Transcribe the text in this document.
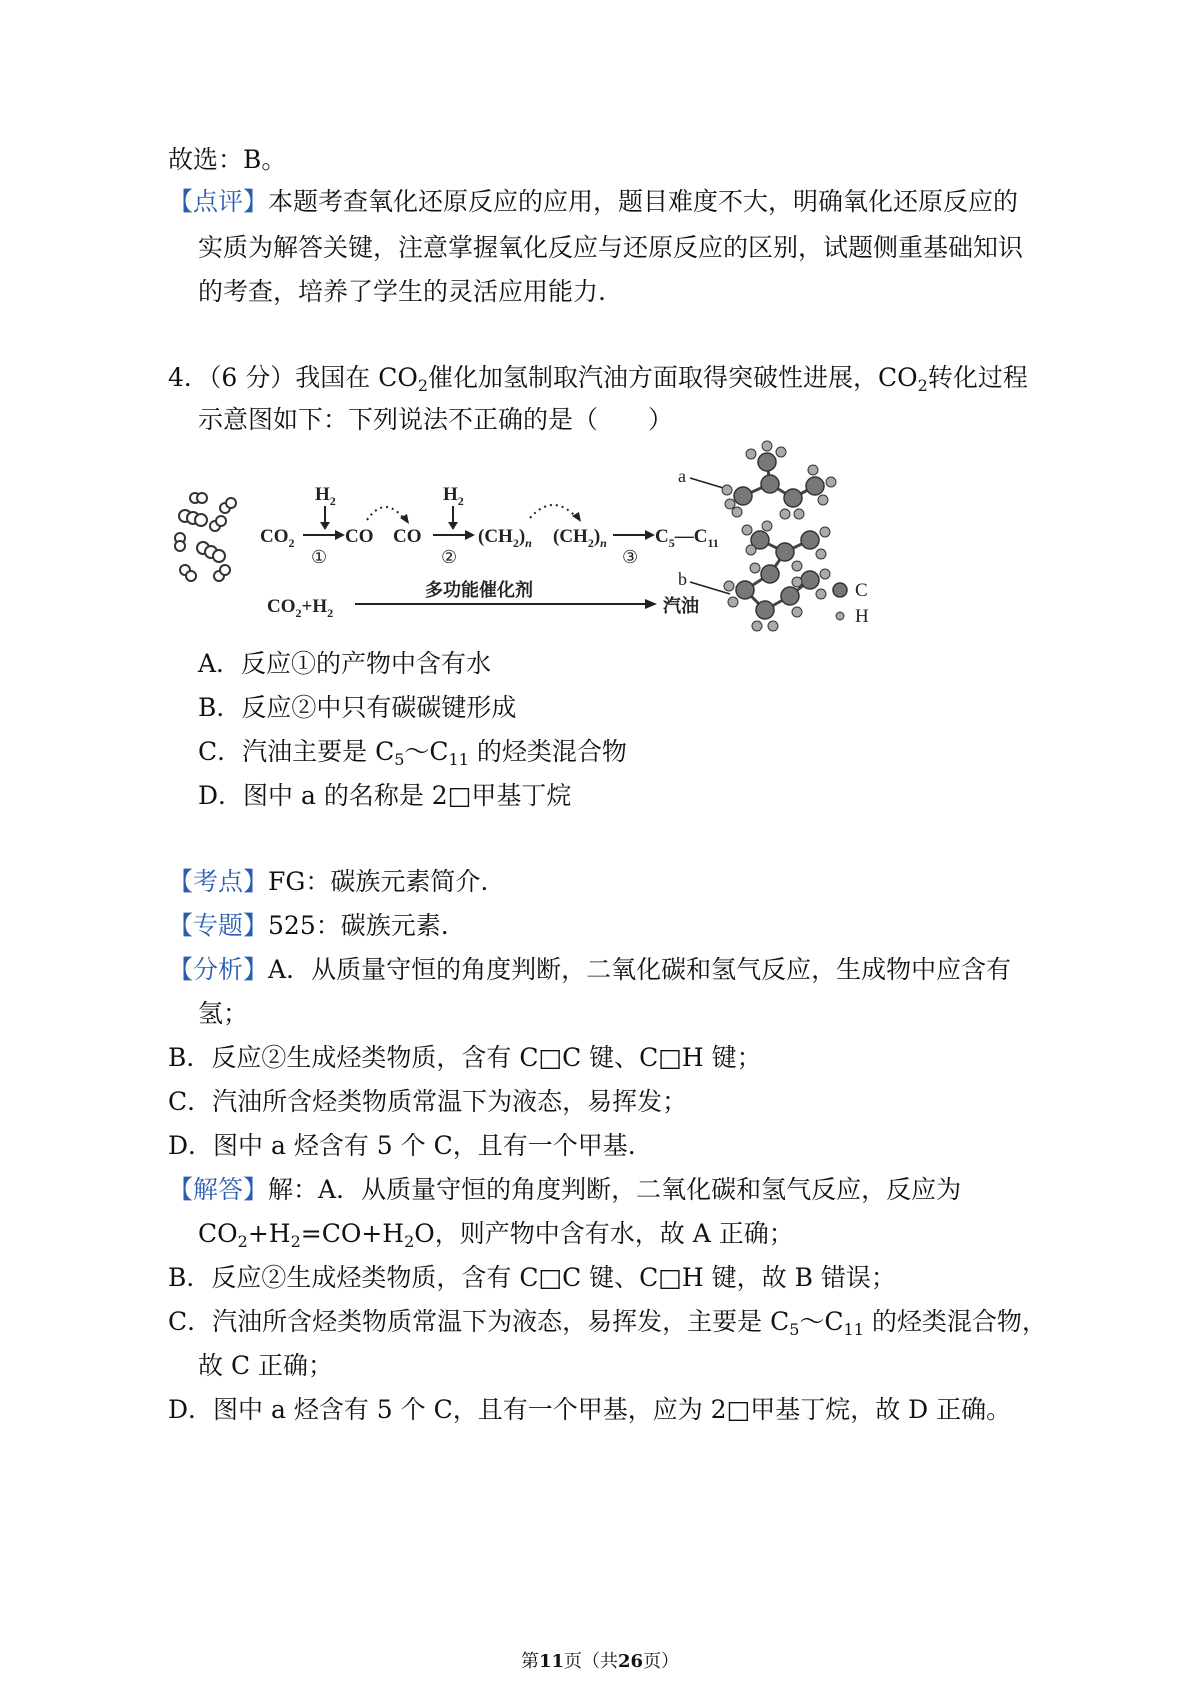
故选：B。
【点评】本题考查氧化还原反应的应用，题目难度不大，明确氧化还原反应的
实质为解答关键，注意掌握氧化反应与还原反应的区别，试题侧重基础知识
的考查，培养了学生的灵活应用能力.
4．（6 分）我国在 $CO_2$催化加氢制取汽油方面取得突破性进展，$CO_2$转化过程
示意图如下：下列说法不正确的是（　　）
$H_2$
$CO_2$
①
CO CO
$H_2$
②
$(CH_2)_n$ $(CH_2)_n$
③
$C_5—C_{11}$
$CO_2+H_2$
多功能催化剂
汽油
a
b
C
H
A．反应①的产物中含有水
B．反应②中只有碳碳键形成
C．汽油主要是 $C_5\sim C_{11}$ 的烃类混合物
D．图中 a 的名称是 2□甲基丁烷
【考点】FG：碳族元素简介.
【专题】525：碳族元素.
【分析】A．从质量守恒的角度判断，二氧化碳和氢气反应，生成物中应含有
氢；
B．反应②生成烃类物质，含有 C□C 键、C□H 键；
C．汽油所含烃类物质常温下为液态，易挥发；
D．图中 a 烃含有 5 个 C，且有一个甲基.
【解答】解：A．从质量守恒的角度判断，二氧化碳和氢气反应，反应为
$CO_2+H_2=CO+H_2O$，则产物中含有水，故 A 正确；
B．反应②生成烃类物质，含有 C□C 键、C□H 键，故 B 错误；
C．汽油所含烃类物质常温下为液态，易挥发，主要是 $C_5\sim C_{11}$ 的烃类混合物，
故 C 正确；
D．图中 a 烃含有 5 个 C，且有一个甲基，应为 2□甲基丁烷，故 D 正确。
第11页（共26页）
